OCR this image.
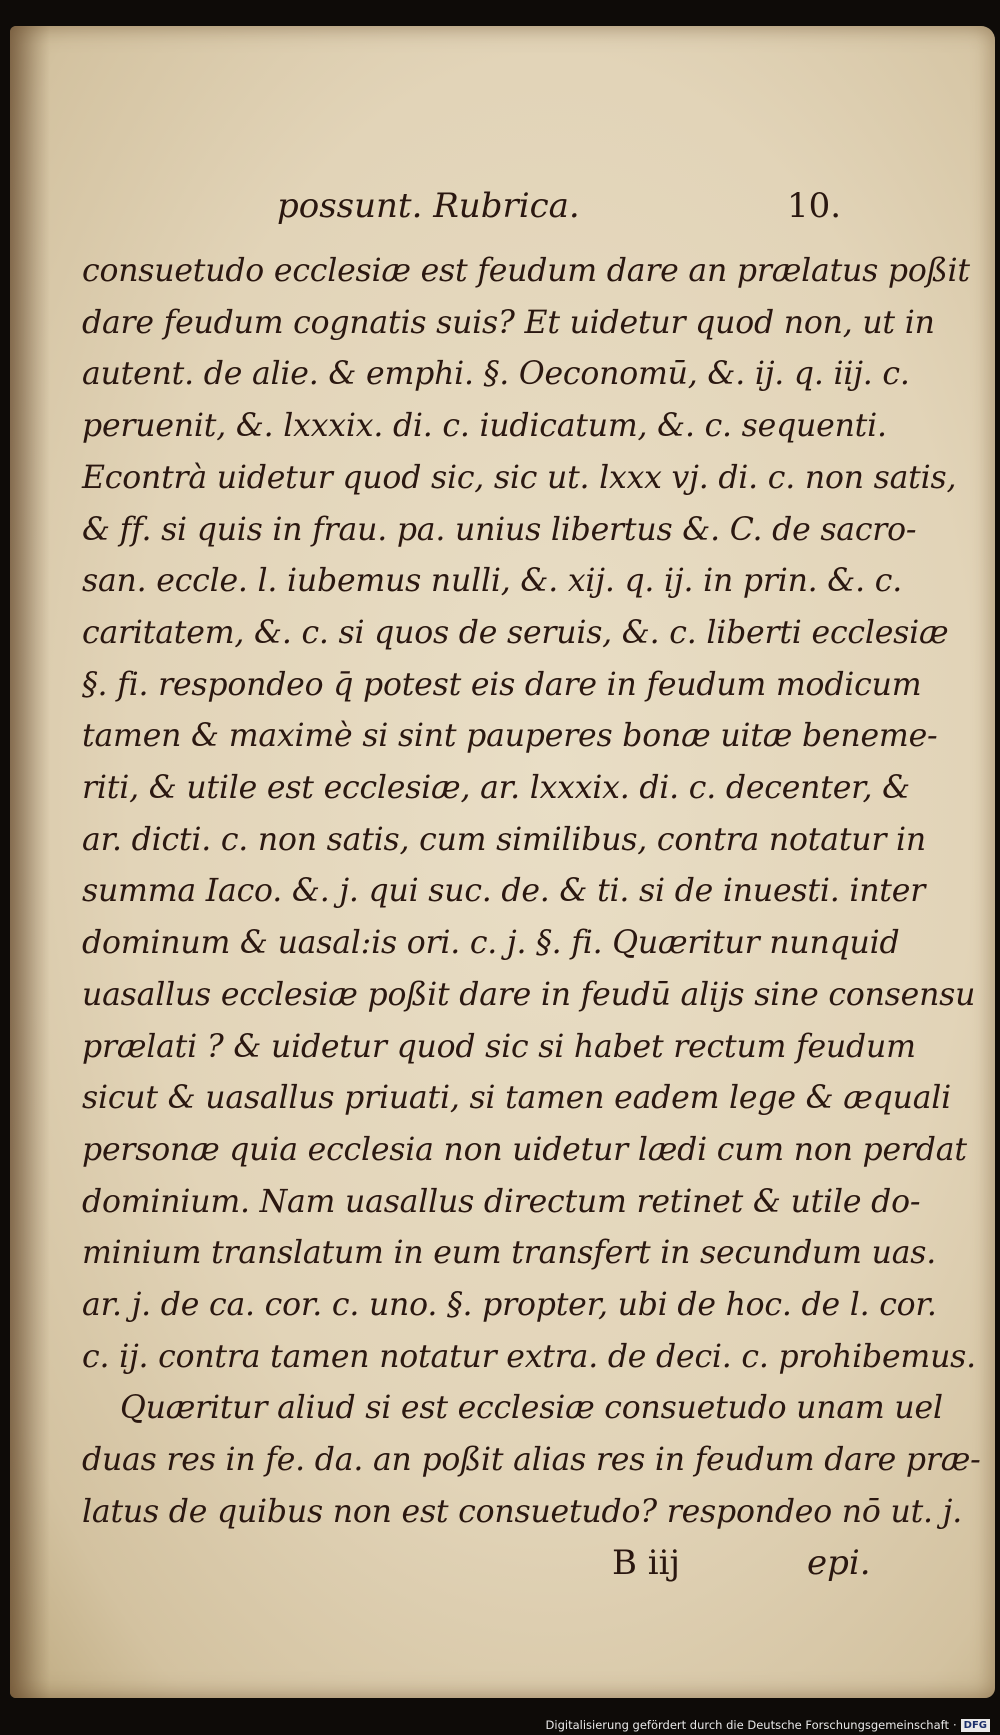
possunt. Rubrica.	10.
consuetudo ecclesiæ est feudum dare an prælatus poßit
dare feudum cognatis suis? Et uidetur quod non, ut in
autent. de alie. & emphi. §. Oeconomū, &. ij. q. iij. c.
peruenit, &. lxxxix. di. c. iudicatum, &. c. sequenti.
Econtrà uidetur quod sic, sic ut. lxxx vj. di. c. non satis,
& ff. si quis in frau. pa. unius libertus &. C. de sacro-
san. eccle. l. iubemus nulli, &. xij. q. ij. in prin. &. c.
caritatem, &. c. si quos de seruis, &. c. liberti ecclesiæ
§. fi. respondeo q̄ potest eis dare in feudum modicum
tamen & maximè si sint pauperes bonæ uitæ beneme-
riti, & utile est ecclesiæ, ar. lxxxix. di. c. decenter, &
ar. dicti. c. non satis, cum similibus, contra notatur in
summa Iaco. &. j. qui suc. de. & ti. si de inuesti. inter
dominum & uasal:is ori. c. j. §. fi. Quæritur nunquid
uasallus ecclesiæ poßit dare in feudū alijs sine consensu
prælati ? & uidetur quod sic si habet rectum feudum
sicut & uasallus priuati, si tamen eadem lege & æquali
personæ quia ecclesia non uidetur lædi cum non perdat
dominium. Nam uasallus directum retinet & utile do-
minium translatum in eum transfert in secundum uas.
ar. j. de ca. cor. c. uno. §. propter, ubi de hoc. de l. cor.
c. ij. contra tamen notatur extra. de deci. c. prohibemus.
Quæritur aliud si est ecclesiæ consuetudo unam uel
duas res in fe. da. an poßit alias res in feudum dare præ-
latus de quibus non est consuetudo? respondeo nō ut. j.
B iij	epi.
Digitalisierung gefördert durch die Deutsche Forschungsgemeinschaft · DFG
